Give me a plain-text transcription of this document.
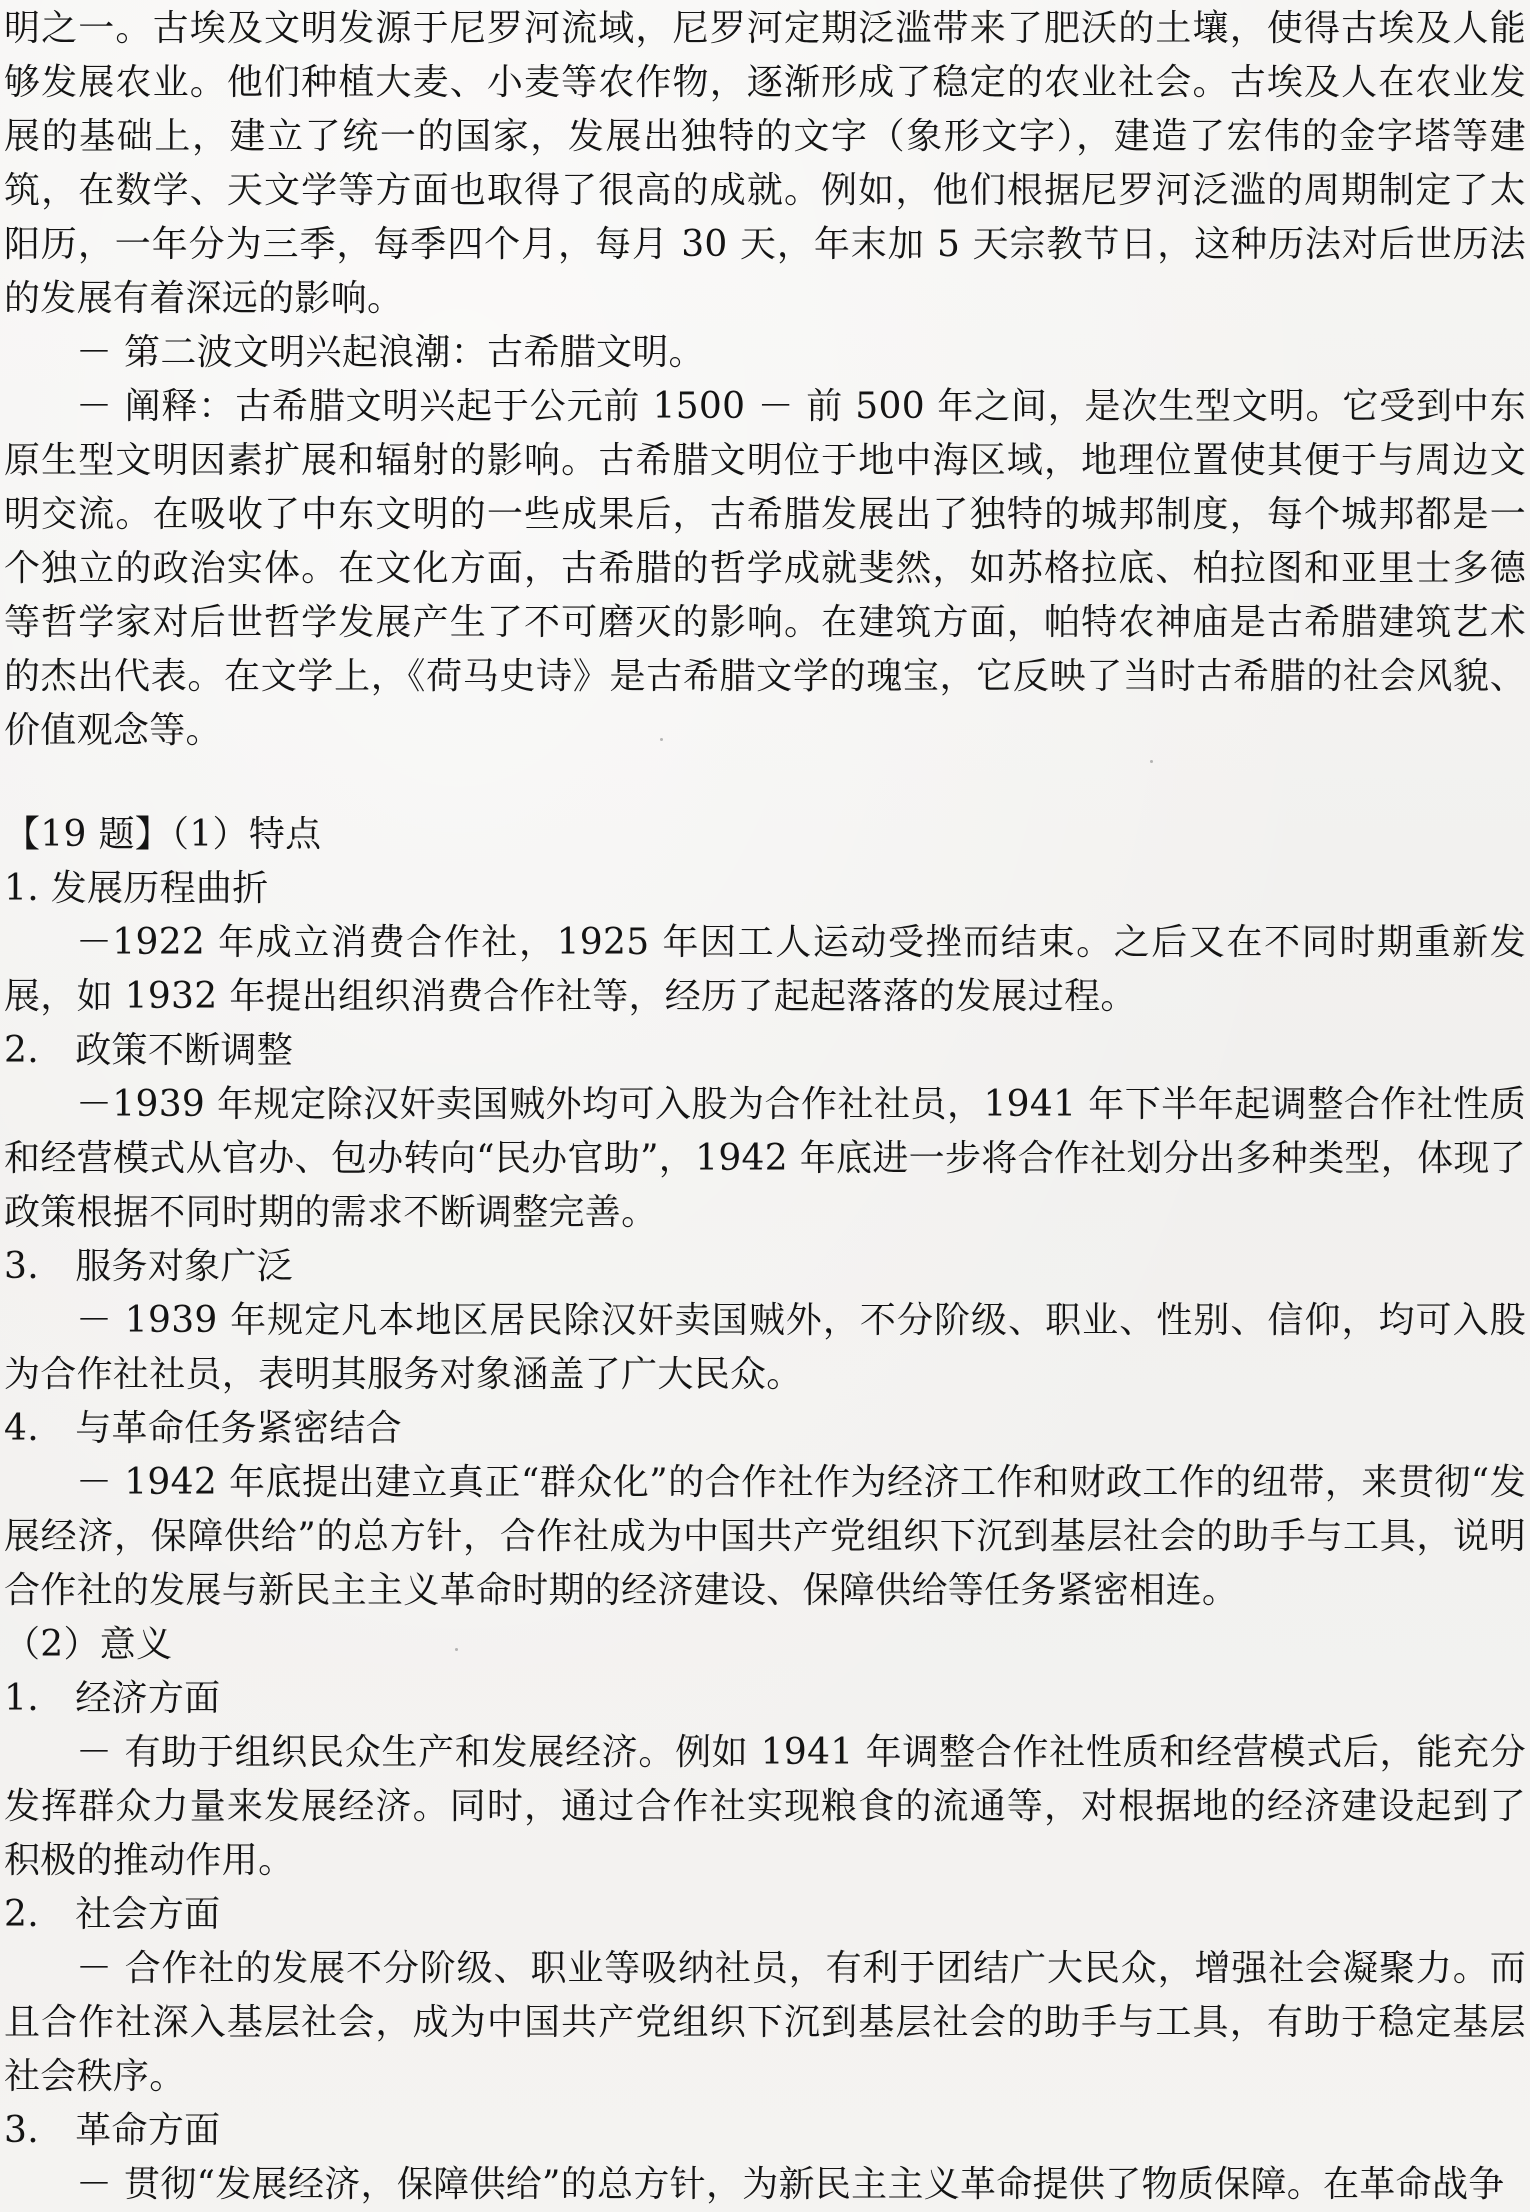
明之一。古埃及文明发源于尼罗河流域，尼罗河定期泛滥带来了肥沃的土壤，使得古埃及人能够发展农业。他们种植大麦、小麦等农作物，逐渐形成了稳定的农业社会。古埃及人在农业发展的基础上，建立了统一的国家，发展出独特的文字（象形文字），建造了宏伟的金字塔等建筑，在数学、天文学等方面也取得了很高的成就。例如，他们根据尼罗河泛滥的周期制定了太阳历，一年分为三季，每季四个月，每月 30 天，年末加 5 天宗教节日，这种历法对后世历法的发展有着深远的影响。

－ 第二波文明兴起浪潮：古希腊文明。

－ 阐释：古希腊文明兴起于公元前 1500 － 前 500 年之间，是次生型文明。它受到中东原生型文明因素扩展和辐射的影响。古希腊文明位于地中海区域，地理位置使其便于与周边文明交流。在吸收了中东文明的一些成果后，古希腊发展出了独特的城邦制度，每个城邦都是一个独立的政治实体。在文化方面，古希腊的哲学成就斐然，如苏格拉底、柏拉图和亚里士多德等哲学家对后世哲学发展产生了不可磨灭的影响。在建筑方面，帕特农神庙是古希腊建筑艺术的杰出代表。在文学上，《荷马史诗》是古希腊文学的瑰宝，它反映了当时古希腊的社会风貌、价值观念等。

【19 题】（1）特点

1. 发展历程曲折

－1922 年成立消费合作社，1925 年因工人运动受挫而结束。之后又在不同时期重新发展，如 1932 年提出组织消费合作社等，经历了起起落落的发展过程。

2.　政策不断调整

－1939 年规定除汉奸卖国贼外均可入股为合作社社员，1941 年下半年起调整合作社性质和经营模式从官办、包办转向“民办官助”，1942 年底进一步将合作社划分出多种类型，体现了政策根据不同时期的需求不断调整完善。

3.　服务对象广泛

－ 1939 年规定凡本地区居民除汉奸卖国贼外，不分阶级、职业、性别、信仰，均可入股为合作社社员，表明其服务对象涵盖了广大民众。

4.　与革命任务紧密结合

－ 1942 年底提出建立真正“群众化”的合作社作为经济工作和财政工作的纽带，来贯彻“发展经济，保障供给”的总方针，合作社成为中国共产党组织下沉到基层社会的助手与工具，说明合作社的发展与新民主主义革命时期的经济建设、保障供给等任务紧密相连。

（2）意义

1.　经济方面

－ 有助于组织民众生产和发展经济。例如 1941 年调整合作社性质和经营模式后，能充分发挥群众力量来发展经济。同时，通过合作社实现粮食的流通等，对根据地的经济建设起到了积极的推动作用。

2.　社会方面

－ 合作社的发展不分阶级、职业等吸纳社员，有利于团结广大民众，增强社会凝聚力。而且合作社深入基层社会，成为中国共产党组织下沉到基层社会的助手与工具，有助于稳定基层社会秩序。

3.　革命方面

－ 贯彻“发展经济，保障供给”的总方针，为新民主主义革命提供了物质保障。在革命战争
